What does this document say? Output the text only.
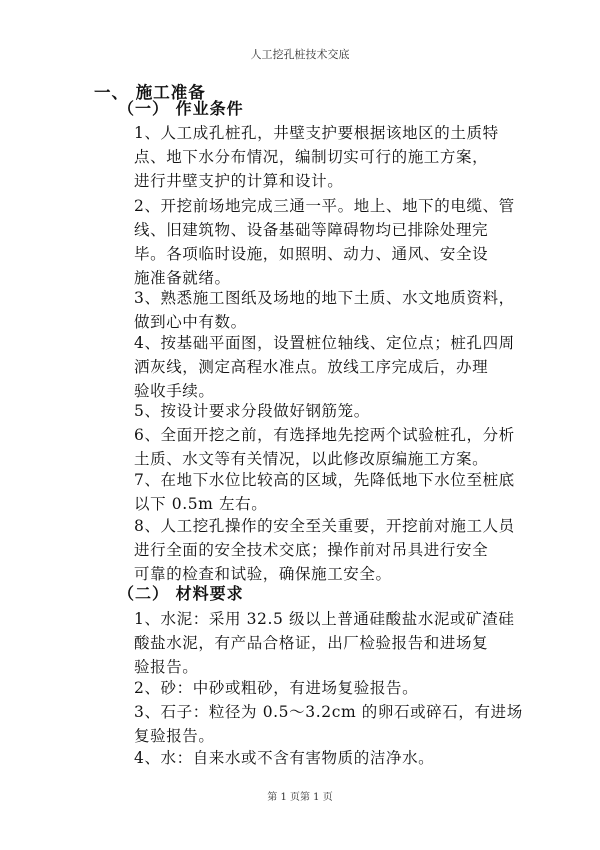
人工挖孔桩技术交底
一、 施工准备
（一） 作业条件
1、人工成孔桩孔，井壁支护要根据该地区的土质特
点、地下水分布情况，编制切实可行的施工方案，
进行井壁支护的计算和设计。
2、开挖前场地完成三通一平。地上、地下的电缆、管
线、旧建筑物、设备基础等障碍物均已排除处理完
毕。各项临时设施，如照明、动力、通风、安全设
施准备就绪。
3、熟悉施工图纸及场地的地下土质、水文地质资料，
做到心中有数。
4、按基础平面图，设置桩位轴线、定位点；桩孔四周
洒灰线，测定高程水准点。放线工序完成后，办理
验收手续。
5、按设计要求分段做好钢筋笼。
6、全面开挖之前，有选择地先挖两个试验桩孔，分析
土质、水文等有关情况，以此修改原编施工方案。
7、在地下水位比较高的区域，先降低地下水位至桩底
以下 0.5m 左右。
8、人工挖孔操作的安全至关重要，开挖前对施工人员
进行全面的安全技术交底；操作前对吊具进行安全
可靠的检查和试验，确保施工安全。
（二） 材料要求
1、水泥：采用 32.5 级以上普通硅酸盐水泥或矿渣硅
酸盐水泥，有产品合格证，出厂检验报告和进场复
验报告。
2、砂：中砂或粗砂，有进场复验报告。
3、石子：粒径为 0.5～3.2cm 的卵石或碎石，有进场
复验报告。
4、水：自来水或不含有害物质的洁净水。
第 1 页第 1 页
